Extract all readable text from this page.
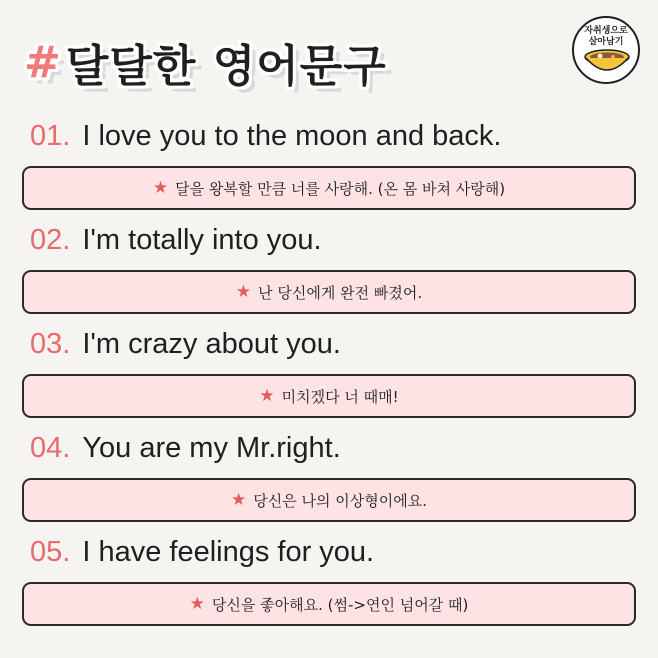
# 달달한 영어문구
자취생으로
살아남기
01. I love you to the moon and back.
★ 달을 왕복할 만큼 너를 사랑해. (온 몸 바쳐 사랑해)
02. I'm totally into you.
★ 난 당신에게 완전 빠졌어.
03. I'm crazy about you.
★ 미치겠다 너 때매!
04. You are my Mr.right.
★ 당신은 나의 이상형이에요.
05. I have feelings for you.
★ 당신을 좋아해요. (썸->연인 넘어갈 때)
